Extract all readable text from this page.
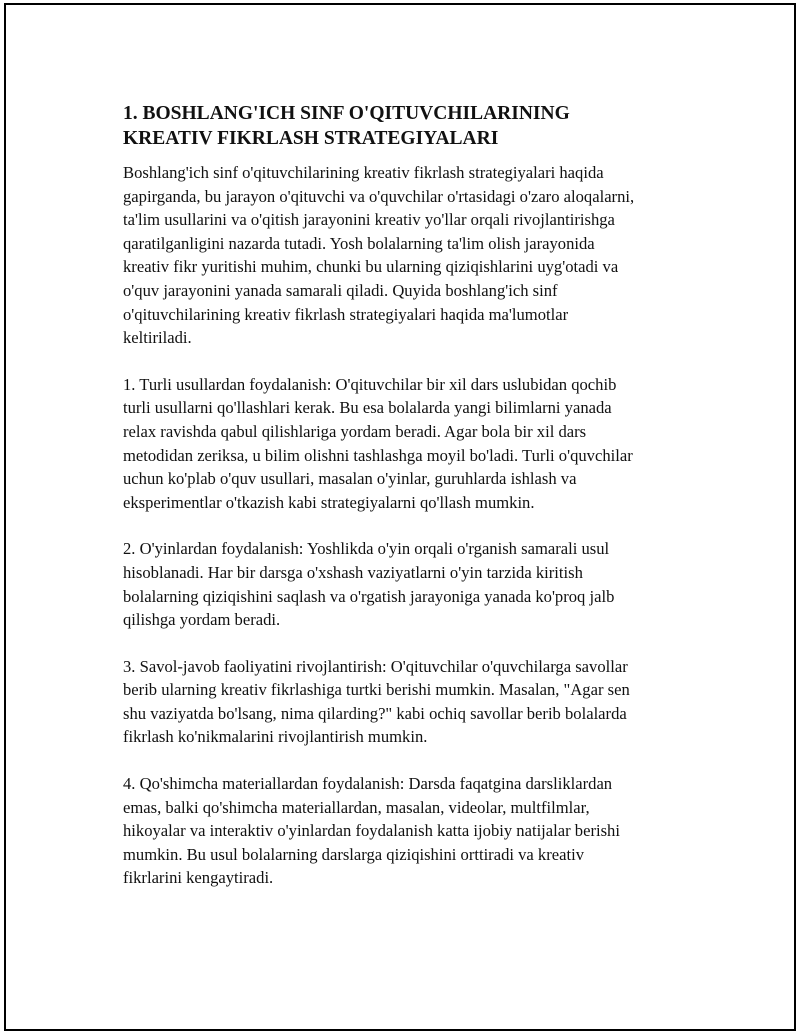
1. BOSHLANG'ICH SINF O'QITUVCHILARINING
KREATIV FIKRLASH STRATEGIYALARI

Boshlang'ich sinf o'qituvchilarining kreativ fikrlash strategiyalari haqida
gapirganda, bu jarayon o'qituvchi va o'quvchilar o'rtasidagi o'zaro aloqalarni,
ta'lim usullarini va o'qitish jarayonini kreativ yo'llar orqali rivojlantirishga
qaratilganligini nazarda tutadi. Yosh bolalarning ta'lim olish jarayonida
kreativ fikr yuritishi muhim, chunki bu ularning qiziqishlarini uyg'otadi va
o'quv jarayonini yanada samarali qiladi. Quyida boshlang'ich sinf
o'qituvchilarining kreativ fikrlash strategiyalari haqida ma'lumotlar
keltiriladi.

1. Turli usullardan foydalanish: O'qituvchilar bir xil dars uslubidan qochib
turli usullarni qo'llashlari kerak. Bu esa bolalarda yangi bilimlarni yanada
relax ravishda qabul qilishlariga yordam beradi. Agar bola bir xil dars
metodidan zeriksa, u bilim olishni tashlashga moyil bo'ladi. Turli o'quvchilar
uchun ko'plab o'quv usullari, masalan o'yinlar, guruhlarda ishlash va
eksperimentlar o'tkazish kabi strategiyalarni qo'llash mumkin.

2. O'yinlardan foydalanish: Yoshlikda o'yin orqali o'rganish samarali usul
hisoblanadi. Har bir darsga o'xshash vaziyatlarni o'yin tarzida kiritish
bolalarning qiziqishini saqlash va o'rgatish jarayoniga yanada ko'proq jalb
qilishga yordam beradi.

3. Savol-javob faoliyatini rivojlantirish: O'qituvchilar o'quvchilarga savollar
berib ularning kreativ fikrlashiga turtki berishi mumkin. Masalan, "Agar sen
shu vaziyatda bo'lsang, nima qilarding?" kabi ochiq savollar berib bolalarda
fikrlash ko'nikmalarini rivojlantirish mumkin.

4. Qo'shimcha materiallardan foydalanish: Darsda faqatgina darsliklardan
emas, balki qo'shimcha materiallardan, masalan, videolar, multfilmlar,
hikoyalar va interaktiv o'yinlardan foydalanish katta ijobiy natijalar berishi
mumkin. Bu usul bolalarning darslarga qiziqishini orttiradi va kreativ
fikrlarini kengaytiradi.
